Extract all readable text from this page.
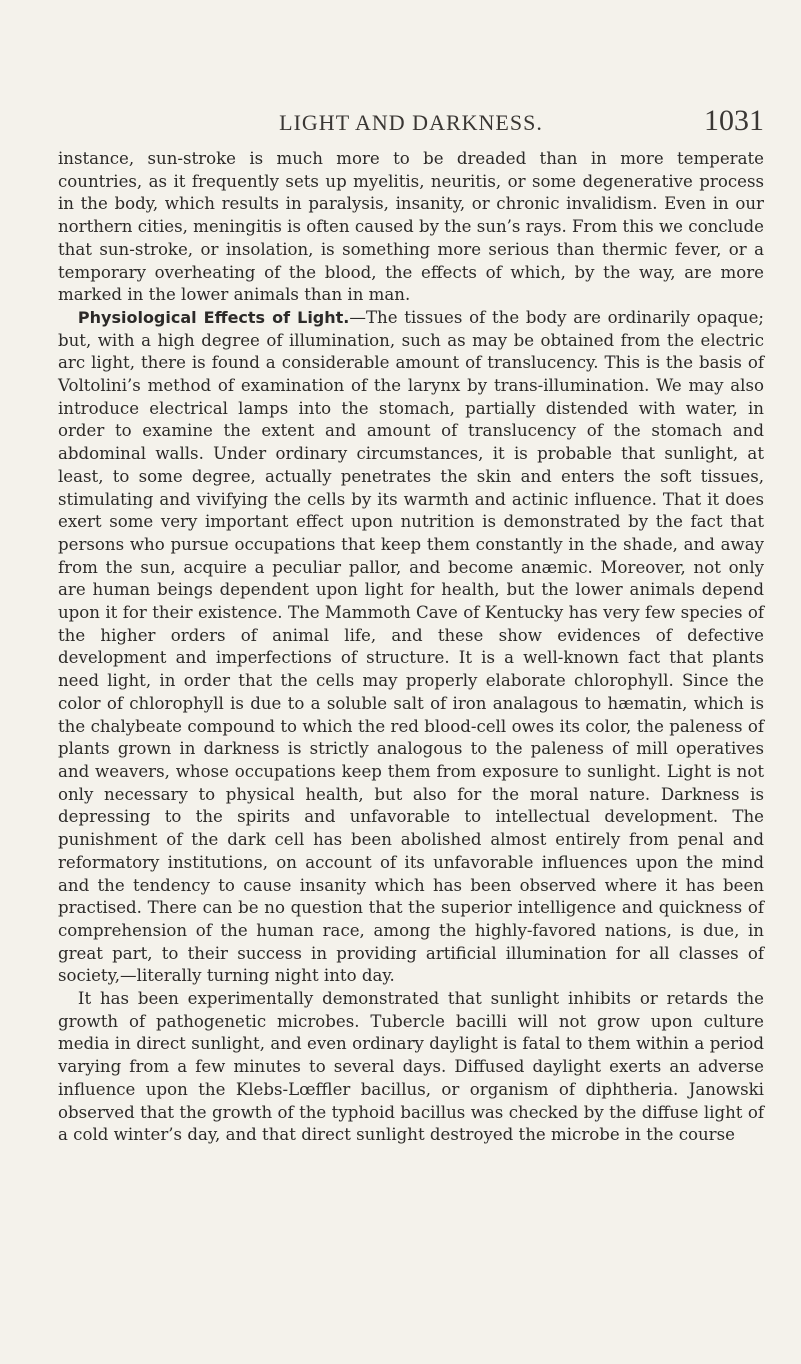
LIGHT AND DARKNESS.	1031

instance, sun-stroke is much more to be dreaded than in more temperate countries, as it frequently sets up myelitis, neuritis, or some degenerative process in the body, which results in paralysis, insanity, or chronic invalidism. Even in our northern cities, meningitis is often caused by the sun’s rays. From this we conclude that sun-stroke, or insolation, is something more serious than thermic fever, or a temporary overheating of the blood, the effects of which, by the way, are more marked in the lower animals than in man.

Physiological Effects of Light.—The tissues of the body are ordinarily opaque; but, with a high degree of illumination, such as may be obtained from the electric arc light, there is found a considerable amount of translucency. This is the basis of Voltolini’s method of examination of the larynx by trans-illumination. We may also introduce electrical lamps into the stomach, partially distended with water, in order to examine the extent and amount of translucency of the stomach and abdominal walls. Under ordinary circumstances, it is probable that sunlight, at least, to some degree, actually penetrates the skin and enters the soft tissues, stimulating and vivifying the cells by its warmth and actinic influence. That it does exert some very important effect upon nutrition is demonstrated by the fact that persons who pursue occupations that keep them constantly in the shade, and away from the sun, acquire a peculiar pallor, and become anæmic. Moreover, not only are human beings dependent upon light for health, but the lower animals depend upon it for their existence. The Mammoth Cave of Kentucky has very few species of the higher orders of animal life, and these show evidences of defective development and imperfections of structure. It is a well-known fact that plants need light, in order that the cells may properly elaborate chlorophyll. Since the color of chlorophyll is due to a soluble salt of iron analagous to hæmatin, which is the chalybeate compound to which the red blood-cell owes its color, the paleness of plants grown in darkness is strictly analogous to the paleness of mill operatives and weavers, whose occupations keep them from exposure to sunlight. Light is not only necessary to physical health, but also for the moral nature. Darkness is depressing to the spirits and unfavorable to intellectual development. The punishment of the dark cell has been abolished almost entirely from penal and reformatory institutions, on account of its unfavorable influences upon the mind and the tendency to cause insanity which has been observed where it has been practised. There can be no question that the superior intelligence and quickness of comprehension of the human race, among the highly-favored nations, is due, in great part, to their success in providing artificial illumination for all classes of society,—literally turning night into day.

It has been experimentally demonstrated that sunlight inhibits or retards the growth of pathogenetic microbes. Tubercle bacilli will not grow upon culture media in direct sunlight, and even ordinary daylight is fatal to them within a period varying from a few minutes to several days. Diffused daylight exerts an adverse influence upon the Klebs-Lœffler bacillus, or organism of diphtheria. Janowski observed that the growth of the typhoid bacillus was checked by the diffuse light of a cold winter’s day, and that direct sunlight destroyed the microbe in the course
